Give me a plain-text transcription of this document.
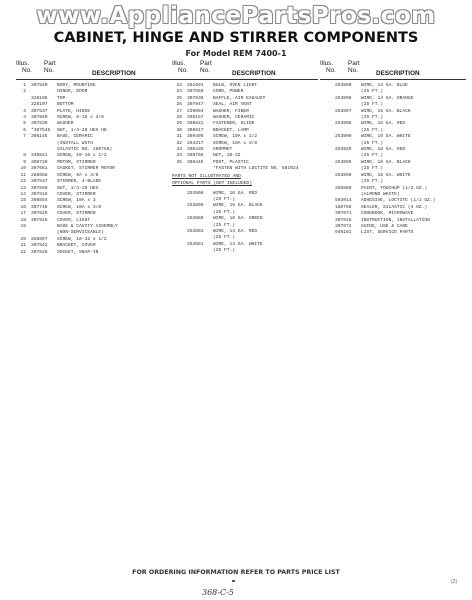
www.AppliancePartsPros.com
CABINET, HINGE AND STIRRER COMPONENTS
For Model REM 7400-1
Illus.
No.
Part
No.	DESCRIPTION
1	307540	BODY, MOUNTING
2	HINGE, DOOR
328105	TOP
328107	BOTTOM
3	307537	PLATE, HINGE
4	307840	SCREW, 6-18 x 3/8
5	307539	WASHER
6	*307545	NUT, 1/4-20 HEX HD
7	308145	BASE, CERAMIC
(INSTALL WITH
SILASTIC NO. 180758)
8	340641	SCREW, 10-16 x 1/2
9	308720	MOTOR, STIRRER
10	307661	GASKET, STIRRER MOTOR
11	288658	SCREW, 8A x 3/8
12	307537	STIRRER, 4-BLADE
13	307550	NUT, 1/4-20 HEX
14	307518	COVER, STIRRER
15	308554	SCREW, 10A x 3
16	307748	SCREW, 10A x 3/8
17	307629	COVER, STIRRER
18	307916	COVER, LIGHT
19	BASE & CAVITY ASSEMBLY
(NON-SERVICEABLE)
20	258897	SCREW, 10-32 x 1/2
21	307542	BRACKET, COVER
22	307529	SOCKET, SNAP-IN
Illus.
No.
Part
No.	DESCRIPTION
23	261691	BULB, OVEN LIGHT
24	307659	CORD, POWER
25	307936	BAFFLE, AIR EXHAUST
26	307947	SEAL, AIR VENT
27	239084	WASHER, FIBER
28	308157	WASHER, CERAMIC
29	308831	FASTENER, SLIDE
30	308617	BRACKET, LAMP
31	309405	SCREW, 10A x 1/2
32	264317	SCREW, 10A x 3/8
33	308435	GROMMET
34	308766	NUT, 10-32
35	308445	POST, PLASTIC
*FASTEN WITH LOCTITE NO. 581024
PARTS NOT ILLUSTRATED AND
OPTIONAL PARTS (NOT INCLUDED)
253906	WIRE, 16 GA. RED
(25 FT.)
253896	WIRE, 16 GA. BLACK
(25 FT.)
253886	WIRE, 16 GA. GREEN
(25 FT.)
253883	WIRE, 14 GA. RED
(25 FT.)
253881	WIRE, 14 GA. WHITE
(25 FT.)
Illus.
No.
Part
No.	DESCRIPTION
253890	WIRE, 14 GA. BLUE
(25 FT.)
253898	WIRE, 14 GA. ORANGE
(25 FT.)
253897	WIRE, 16 GA. BLACK
(25 FT.)
253908	WIRE, 16 GA. RED
(25 FT.)
253900	WIRE, 10 GA. WHITE
(25 FT.)
253929	WIRE, 18 GA. RED
(25 FT.)
253895	WIRE, 18 GA. BLACK
(25 FT.)
253896	WIRE, 18 GA. WHITE
(25 FT.)
266869	PAINT, TOUCHUP (1/2 OZ.)
(ALMOND WHITE)
593014	ADHESIVE, LOCTITE (1/1 OZ.)
180758	SEALER, SILASTIC (4 OZ.)
307671	COOKBOOK, MICROWAVE
307815	INSTRUCTION, INSTALLATION
307672	GUIDE, USE & CARE
940181	LIST, SERVICE PARTS
FOR ORDERING INFORMATION REFER TO PARTS PRICE LIST
(2)
368-C-5
